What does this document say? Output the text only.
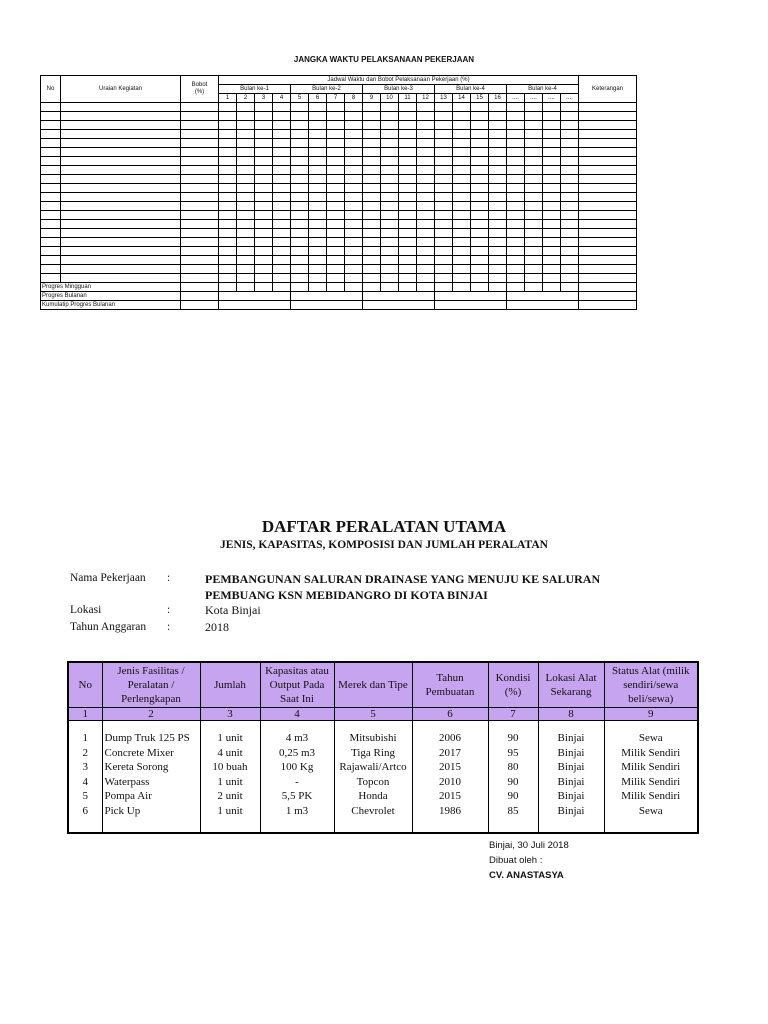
JANGKA WAKTU PELAKSANAAN PEKERJAAN
No	Uraian Kegiatan	Bobot
(%)	Jadwal Waktu dan Bobot Pelaksanaan Pekerjaan (%)																				Keterangan
			Bulan ke-1				Bulan ke-2				Bulan ke-3				Bulan ke-4				Bulan ke-4				
			1	2	3	4	5	6	7	8	9	10	11	12	13	14	15	16	....	....	....	....	

Progres Mingguan																							
Progres Bulanan																							
Kumulatip Progres Bulanan																							
DAFTAR PERALATAN UTAMA
JENIS, KAPASITAS, KOMPOSISI DAN JUMLAH PERALATAN
Nama Pekerjaan :	PEMBANGUNAN SALURAN DRAINASE YANG MENUJU KE SALURAN PEMBUANG KSN MEBIDANGRO DI KOTA BINJAI
Lokasi	:	Kota Binjai
Tahun Anggaran :	2018
No	Jenis Fasilitas / Peralatan / Perlengkapan	Jumlah	Kapasitas atau Output Pada Saat Ini	Merek dan Tipe	Tahun Pembuatan	Kondisi (%)	Lokasi Alat Sekarang	Status Alat (milik sendiri/sewa beli/sewa)
1	2	3	4	5	6	7	8	9

1	Dump Truk 125 PS	1 unit	4 m3	Mitsubishi	2006	90	Binjai	Sewa
2	Concrete Mixer	4 unit	0,25 m3	Tiga Ring	2017	95	Binjai	Milik Sendiri
3	Kereta Sorong	10 buah	100 Kg	Rajawali/Artco	2015	80	Binjai	Milik Sendiri
4	Waterpass	1 unit	-	Topcon	2010	90	Binjai	Milik Sendiri
5	Pompa Air	2 unit	5,5 PK	Honda	2015	90	Binjai	Milik Sendiri
6	Pick Up	1 unit	1 m3	Chevrolet	1986	85	Binjai	Sewa

Binjai, 30 Juli 2018
Dibuat oleh :
CV. ANASTASYA
